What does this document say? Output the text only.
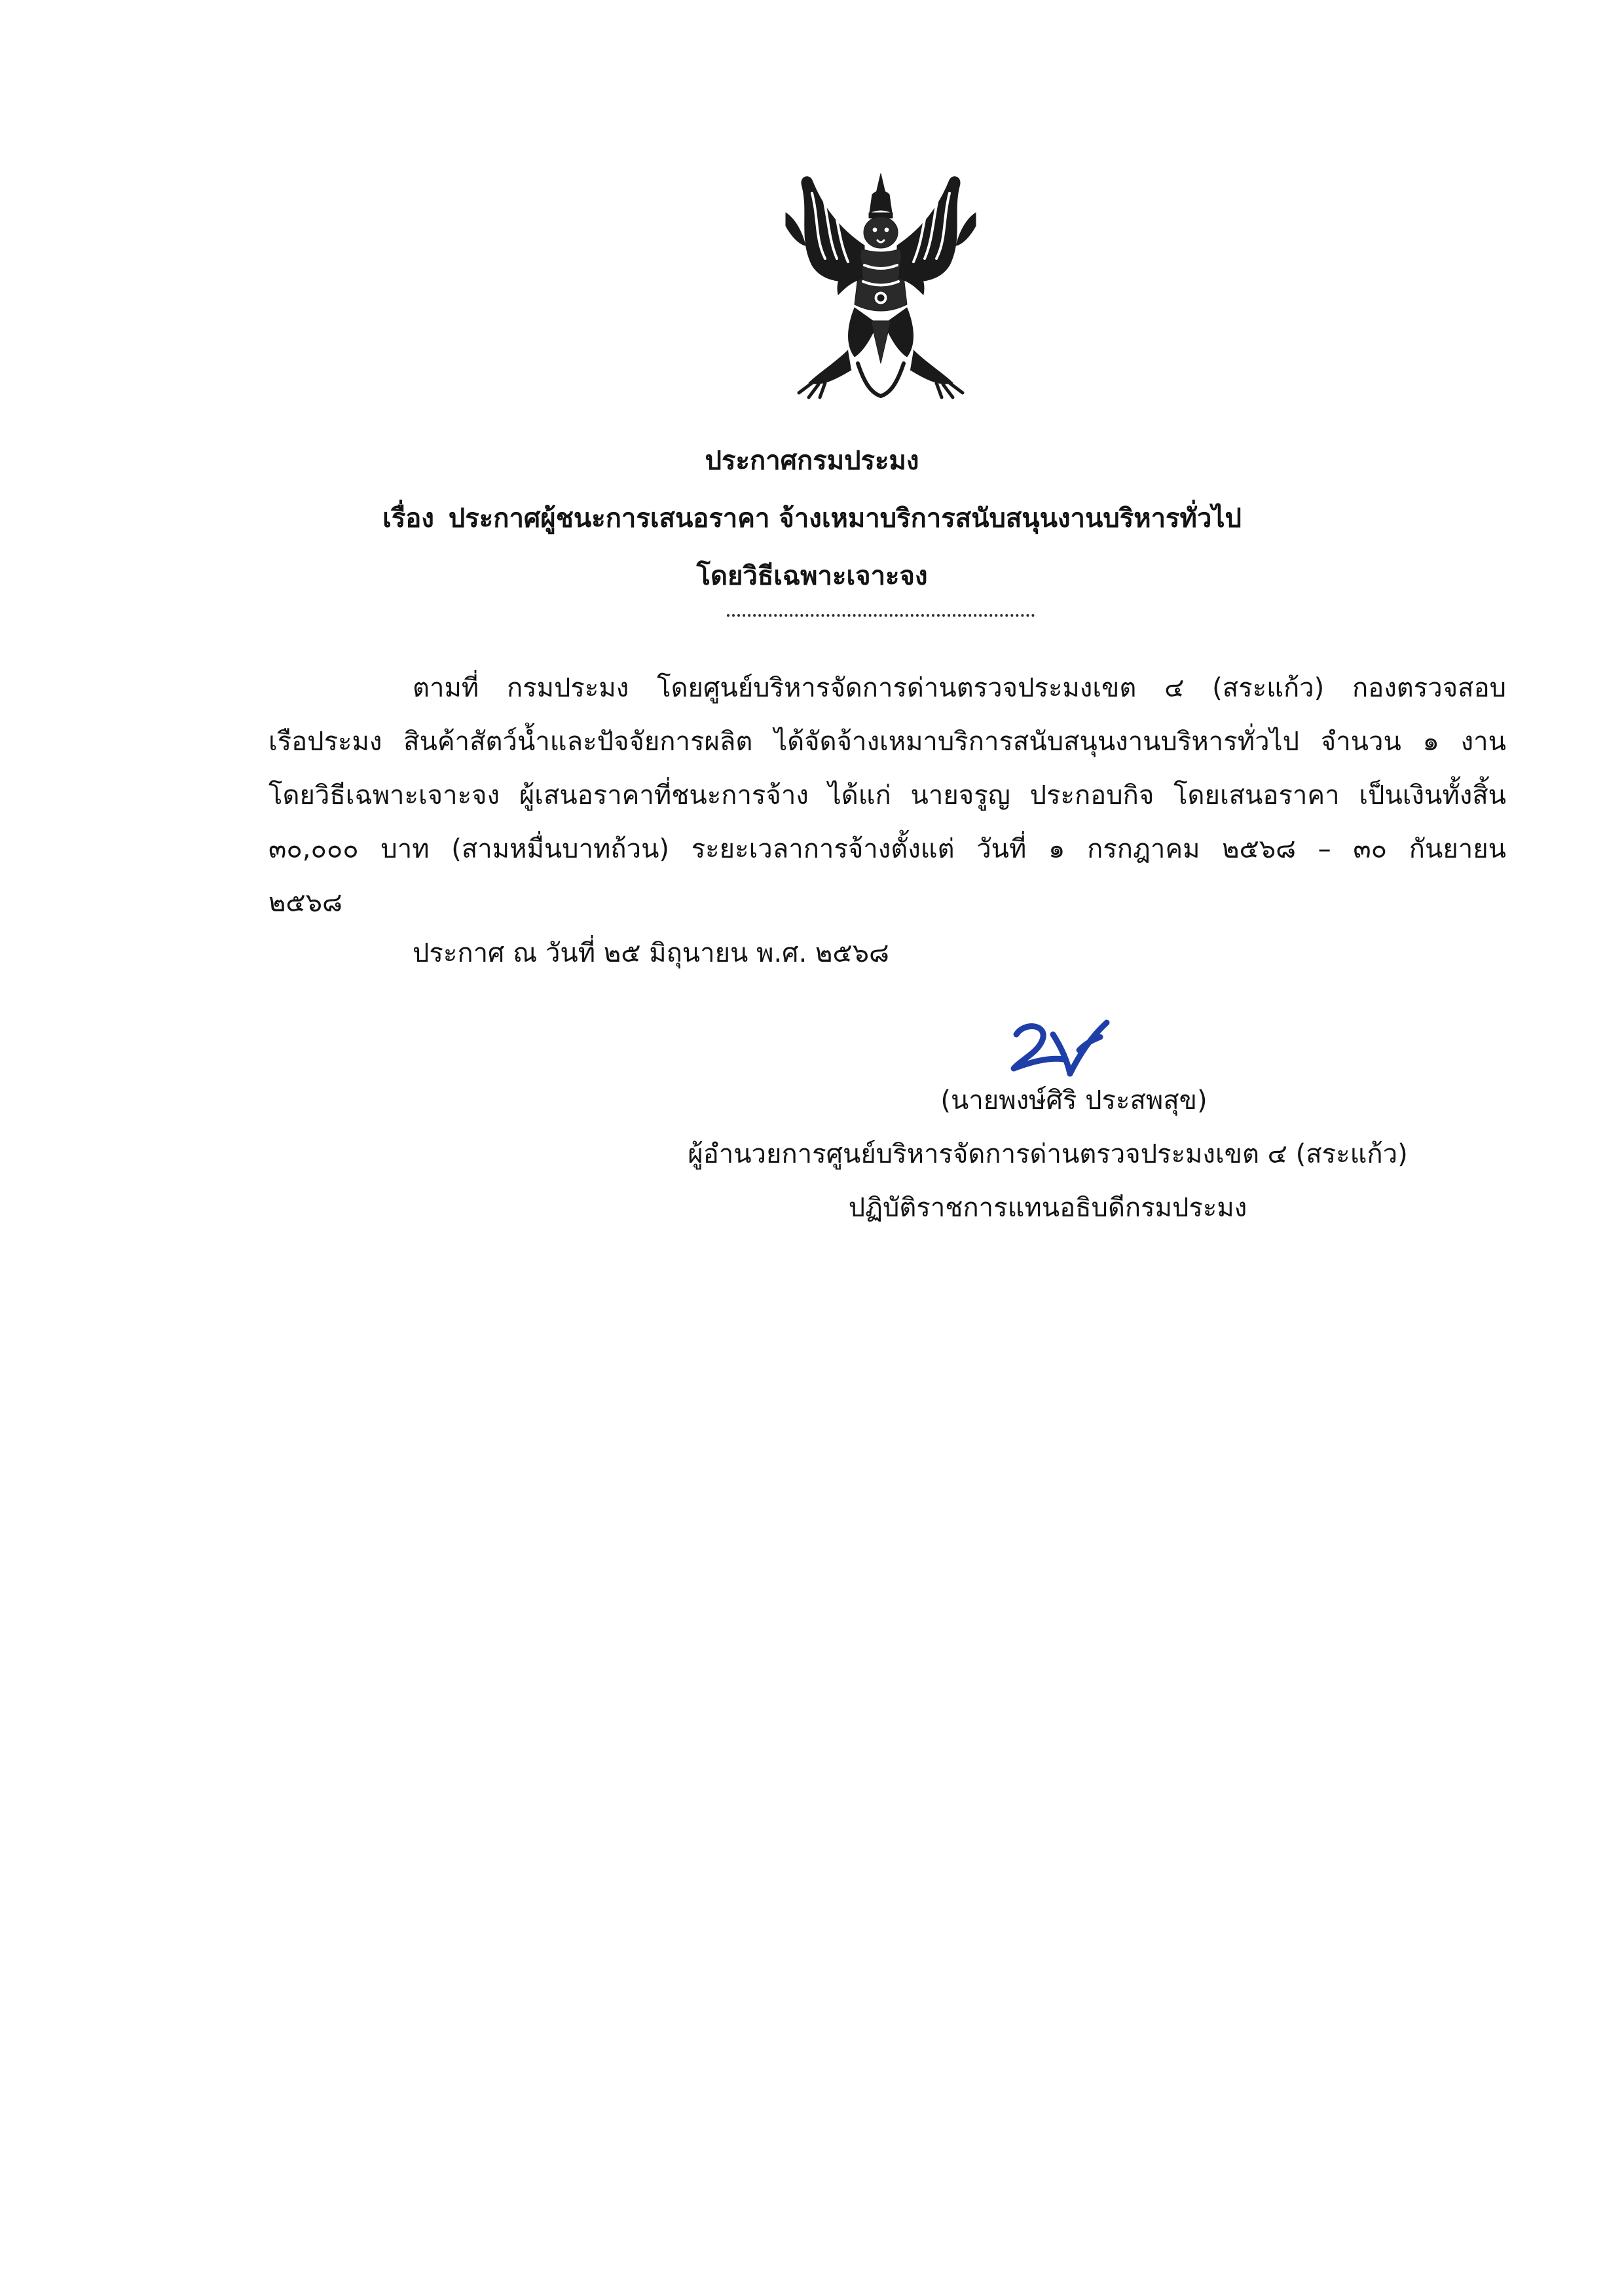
ประกาศกรมประมง
เรื่อง ประกาศผู้ชนะการเสนอราคา จ้างเหมาบริการสนับสนุนงานบริหารทั่วไป
โดยวิธีเฉพาะเจาะจง
ตามที่ กรมประมง โดยศูนย์บริหารจัดการด่านตรวจประมงเขต ๔ (สระแก้ว) กองตรวจสอบ
เรือประมง สินค้าสัตว์น้ำและปัจจัยการผลิต ได้จัดจ้างเหมาบริการสนับสนุนงานบริหารทั่วไป จำนวน ๑ งาน
โดยวิธีเฉพาะเจาะจง ผู้เสนอราคาที่ชนะการจ้าง ได้แก่ นายจรูญ ประกอบกิจ โดยเสนอราคา เป็นเงินทั้งสิ้น
๓๐,๐๐๐ บาท (สามหมื่นบาทถ้วน) ระยะเวลาการจ้างตั้งแต่ วันที่ ๑ กรกฎาคม ๒๕๖๘ – ๓๐ กันยายน
๒๕๖๘
ประกาศ ณ วันที่ ๒๕ มิถุนายน พ.ศ. ๒๕๖๘
(นายพงษ์ศิริ ประสพสุข)
ผู้อำนวยการศูนย์บริหารจัดการด่านตรวจประมงเขต ๔ (สระแก้ว)
ปฏิบัติราชการแทนอธิบดีกรมประมง
